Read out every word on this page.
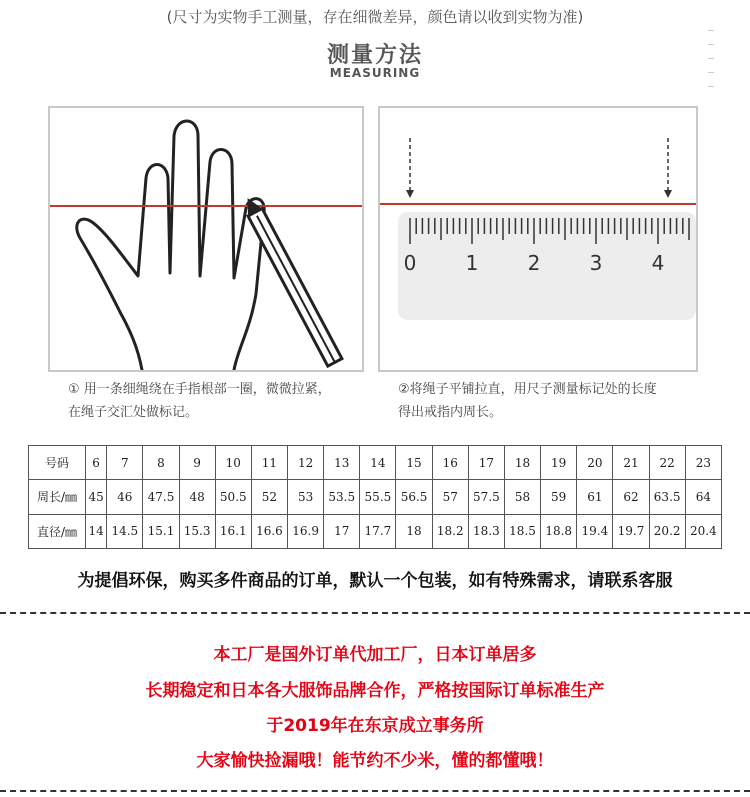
(尺寸为实物手工测量，存在细微差异，颜色请以收到实物为准)
测量方法
MEASURING
0 1 2 3 4
① 用一条细绳绕在手指根部一圈，微微拉紧，
在绳子交汇处做标记。
②将绳子平铺拉直，用尺子测量标记处的长度
得出戒指内周长。
号码	6	7	8	9	10	11	12	13	14	15	16	17	18	19	20	21	22	23
周长/㎜	45	46	47.5	48	50.5	52	53	53.5	55.5	56.5	57	57.5	58	59	61	62	63.5	64
直径/㎜	14	14.5	15.1	15.3	16.1	16.6	16.9	17	17.7	18	18.2	18.3	18.5	18.8	19.4	19.7	20.2	20.4
为提倡环保，购买多件商品的订单，默认一个包装，如有特殊需求，请联系客服
本工厂是国外订单代加工厂，日本订单居多
长期稳定和日本各大服饰品牌合作，严格按国际订单标准生产
于2019年在东京成立事务所
大家愉快捡漏哦！能节约不少米，懂的都懂哦！
